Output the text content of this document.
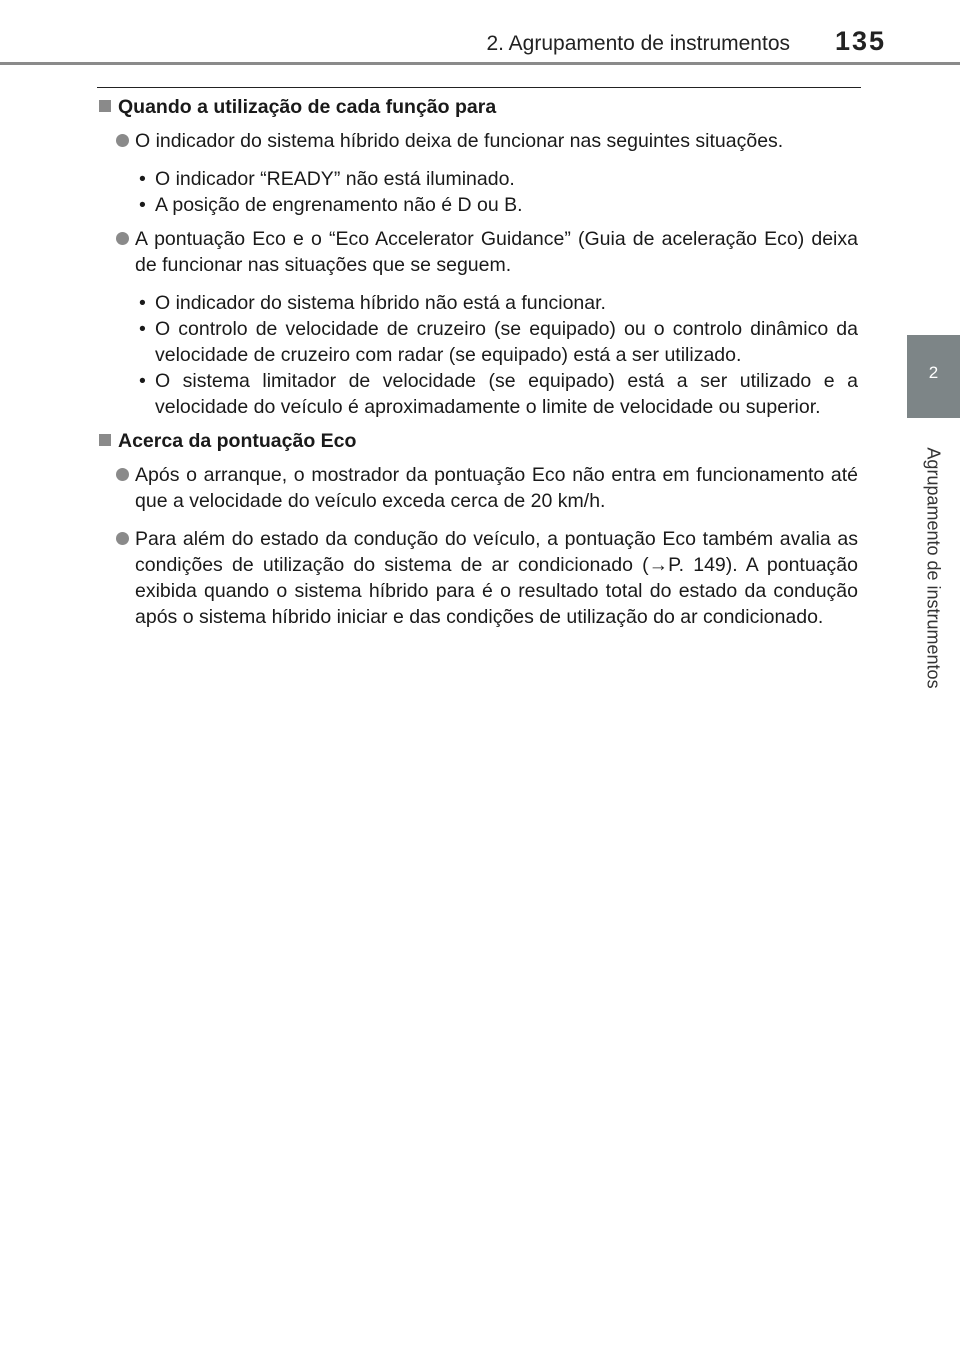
2. Agrupamento de instrumentos 135
2
Agrupamento de instrumentos
Quando a utilização de cada função para
O indicador do sistema híbrido deixa de funcionar nas seguintes situações.
• O indicador “READY” não está iluminado.
• A posição de engrenamento não é D ou B.
A pontuação Eco e o “Eco Accelerator Guidance” (Guia de aceleração Eco) deixa de funcionar nas situações que se seguem.
• O indicador do sistema híbrido não está a funcionar.
• O controlo de velocidade de cruzeiro (se equipado) ou o controlo dinâmico da velocidade de cruzeiro com radar (se equipado) está a ser utilizado.
• O sistema limitador de velocidade (se equipado) está a ser utilizado e a velocidade do veículo é aproximadamente o limite de velocidade ou superior.
Acerca da pontuação Eco
Após o arranque, o mostrador da pontuação Eco não entra em funcionamento até que a velocidade do veículo exceda cerca de 20 km/h.
Para além do estado da condução do veículo, a pontuação Eco também avalia as condições de utilização do sistema de ar condicionado (→P. 149). A pontuação exibida quando o sistema híbrido para é o resultado total do estado da condução após o sistema híbrido iniciar e das condições de utilização do ar condicionado.
